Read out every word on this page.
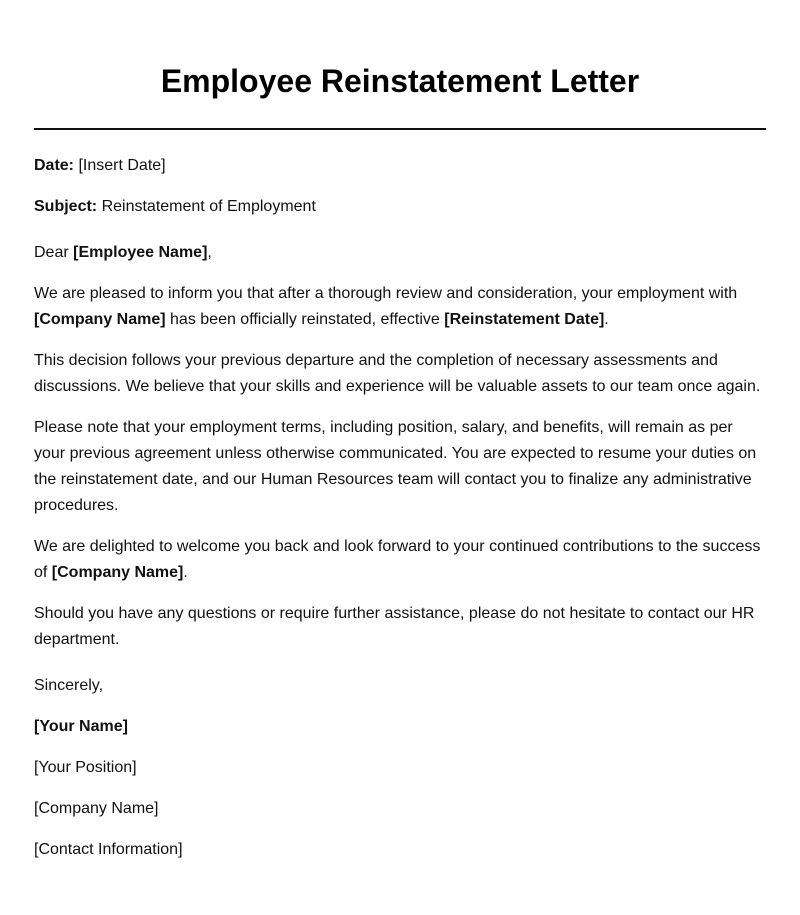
Employee Reinstatement Letter

Date: [Insert Date]

Subject: Reinstatement of Employment

Dear [Employee Name],

We are pleased to inform you that after a thorough review and consideration, your employment with [Company Name] has been officially reinstated, effective [Reinstatement Date].

This decision follows your previous departure and the completion of necessary assessments and discussions. We believe that your skills and experience will be valuable assets to our team once again.

Please note that your employment terms, including position, salary, and benefits, will remain as per your previous agreement unless otherwise communicated. You are expected to resume your duties on the reinstatement date, and our Human Resources team will contact you to finalize any administrative procedures.

We are delighted to welcome you back and look forward to your continued contributions to the success of [Company Name].

Should you have any questions or require further assistance, please do not hesitate to contact our HR department.

Sincerely,

[Your Name]

[Your Position]

[Company Name]

[Contact Information]
